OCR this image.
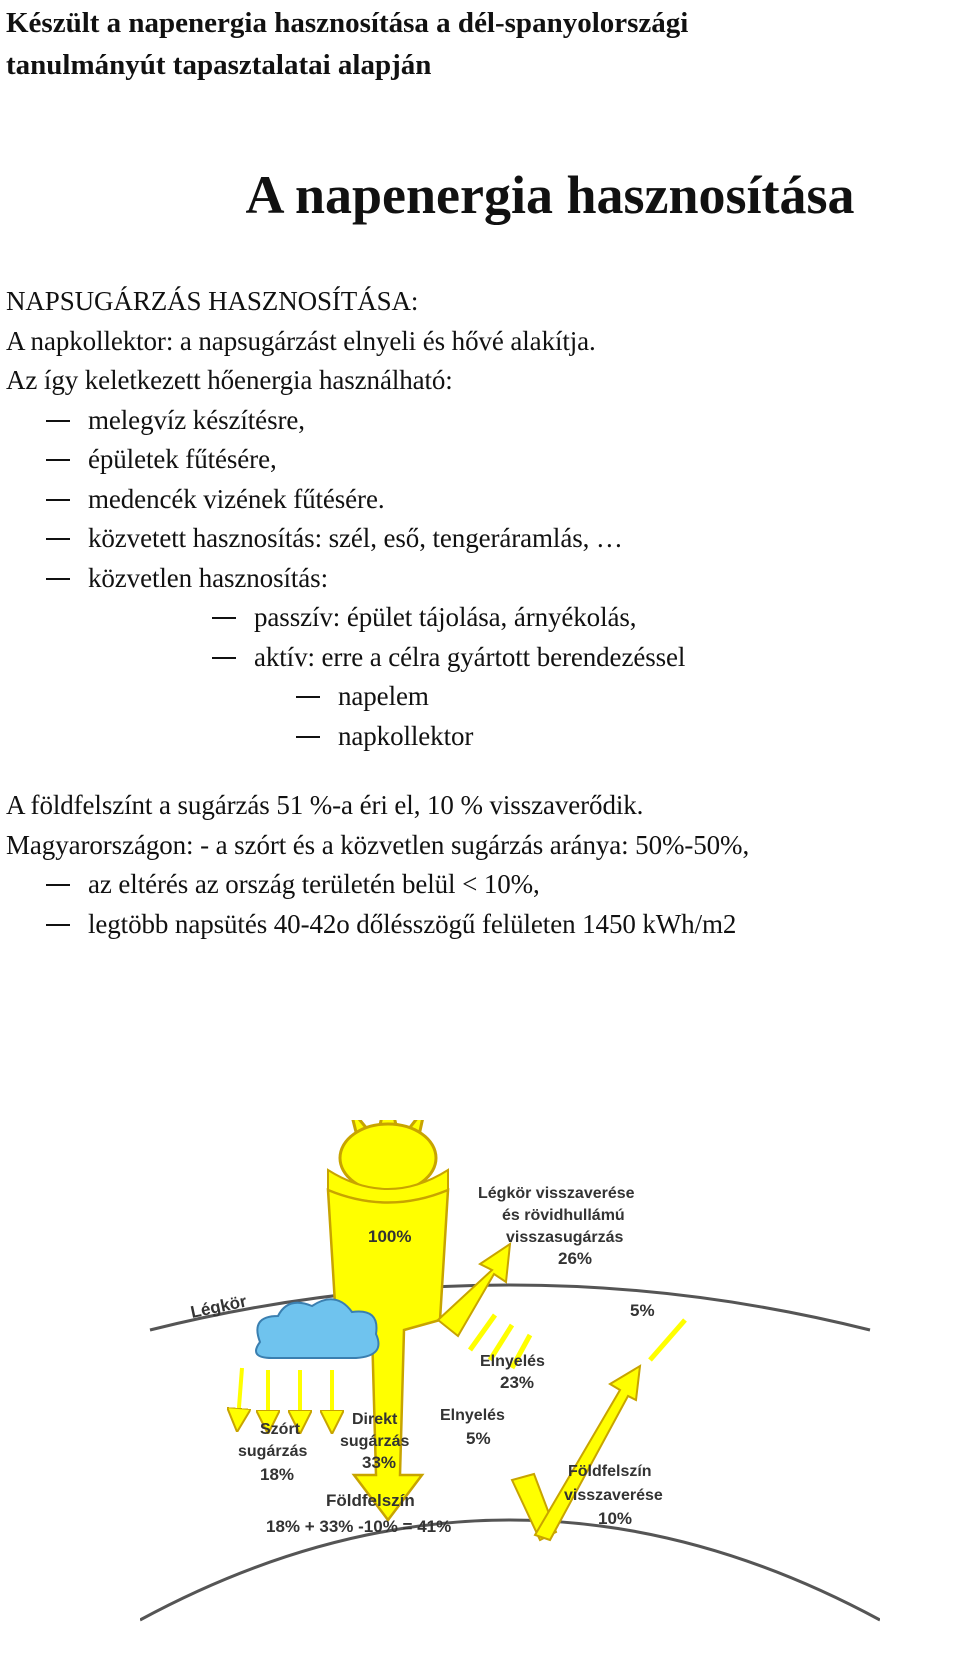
Készült a napenergia hasznosítása a dél-spanyolországi
tanulmányút tapasztalatai alapján
A napenergia hasznosítása
NAPSUGÁRZÁS HASZNOSÍTÁSA:
A napkollektor: a napsugárzást elnyeli és hővé alakítja.
Az így keletkezett hőenergia használható:
melegvíz készítésre,
épületek fűtésére,
medencék vizének fűtésére.
közvetett hasznosítás: szél, eső, tengeráramlás, …
közvetlen hasznosítás:
passzív: épület tájolása, árnyékolás,
aktív: erre a célra gyártott berendezéssel
napelem
napkollektor
A földfelszínt a sugárzás 51 %-a éri el, 10 % visszaverődik.
Magyarországon: - a szórt és a közvetlen sugárzás aránya: 50%-50%,
az eltérés az ország területén belül < 10%,
legtöbb napsütés 40-42o dőlésszögű felületen 1450 kWh/m2
Légkör
100%
Légkör visszaverése
és rövidhullámú
visszasugárzás
26%
5%
Elnyelés
23%
Elnyelés
5%
Szórt
sugárzás
18%
Direkt
sugárzás
33%	Földfelszín
visszaverése
10%
Földfelszín
18% + 33% -10% = 41%
